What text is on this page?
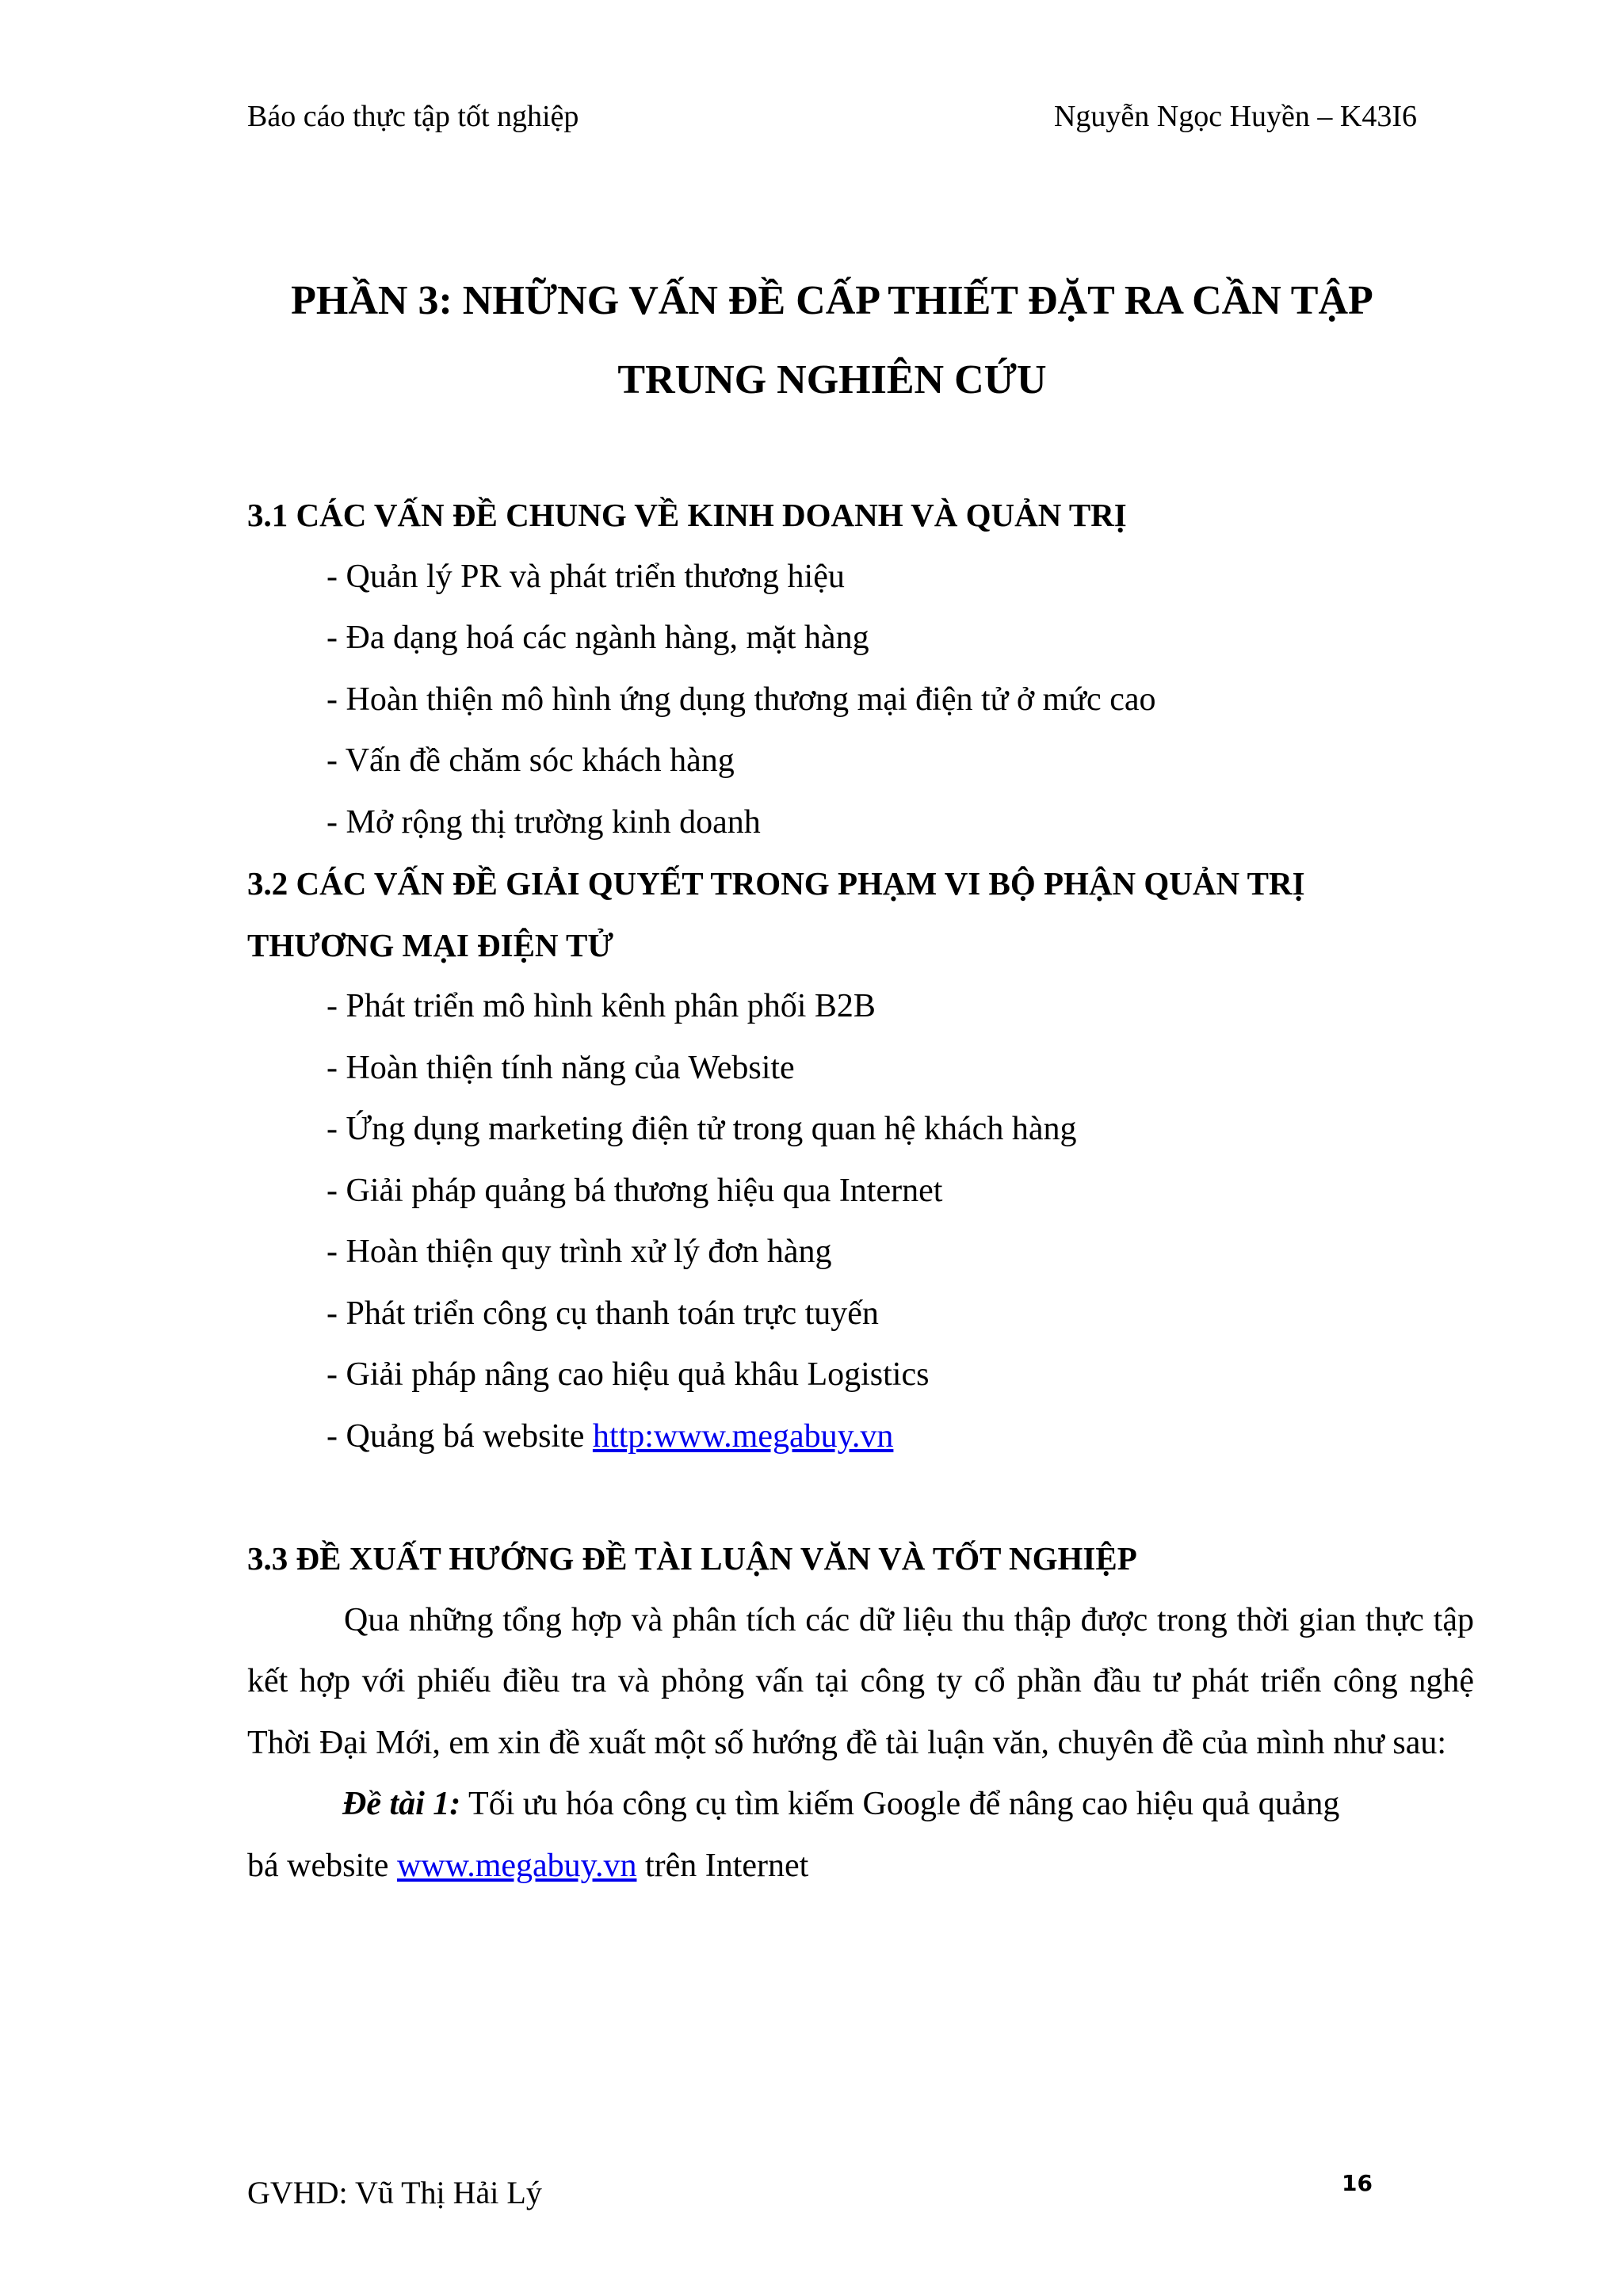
Báo cáo thực tập tốt nghiệp	Nguyễn Ngọc Huyền – K43I6
PHẦN 3: NHỮNG VẤN ĐỀ CẤP THIẾT ĐẶT RA CẦN TẬP
TRUNG NGHIÊN CỨU
3.1 CÁC VẤN ĐỀ CHUNG VỀ KINH DOANH VÀ QUẢN TRỊ
- Quản lý PR và phát triển thương hiệu
- Đa dạng hoá các ngành hàng, mặt hàng
- Hoàn thiện mô hình ứng dụng thương mại điện tử ở mức cao
- Vấn đề chăm sóc khách hàng
- Mở rộng thị trường kinh doanh
3.2 CÁC VẤN ĐỀ GIẢI QUYẾT TRONG PHẠM VI BỘ PHẬN QUẢN TRỊ
THƯƠNG MẠI ĐIỆN TỬ
- Phát triển mô hình kênh phân phối B2B
- Hoàn thiện tính năng của Website
- Ứng dụng marketing điện tử trong quan hệ khách hàng
- Giải pháp quảng bá thương hiệu qua Internet
- Hoàn thiện quy trình xử lý đơn hàng
- Phát triển công cụ thanh toán trực tuyến
- Giải pháp nâng cao hiệu quả khâu Logistics
- Quảng bá website http:www.megabuy.vn
3.3 ĐỀ XUẤT HƯỚNG ĐỀ TÀI LUẬN VĂN VÀ TỐT NGHIỆP
Qua những tổng hợp và phân tích các dữ liệu thu thập được trong thời gian thực tập kết hợp với phiếu điều tra và phỏng vấn tại công ty cổ phần đầu tư phát triển công nghệ Thời Đại Mới, em xin đề xuất một số hướng đề tài luận văn, chuyên đề của mình như sau:
Đề tài 1: Tối ưu hóa công cụ tìm kiếm Google để nâng cao hiệu quả quảng
bá website www.megabuy.vn trên Internet
GVHD: Vũ Thị Hải Lý	16
